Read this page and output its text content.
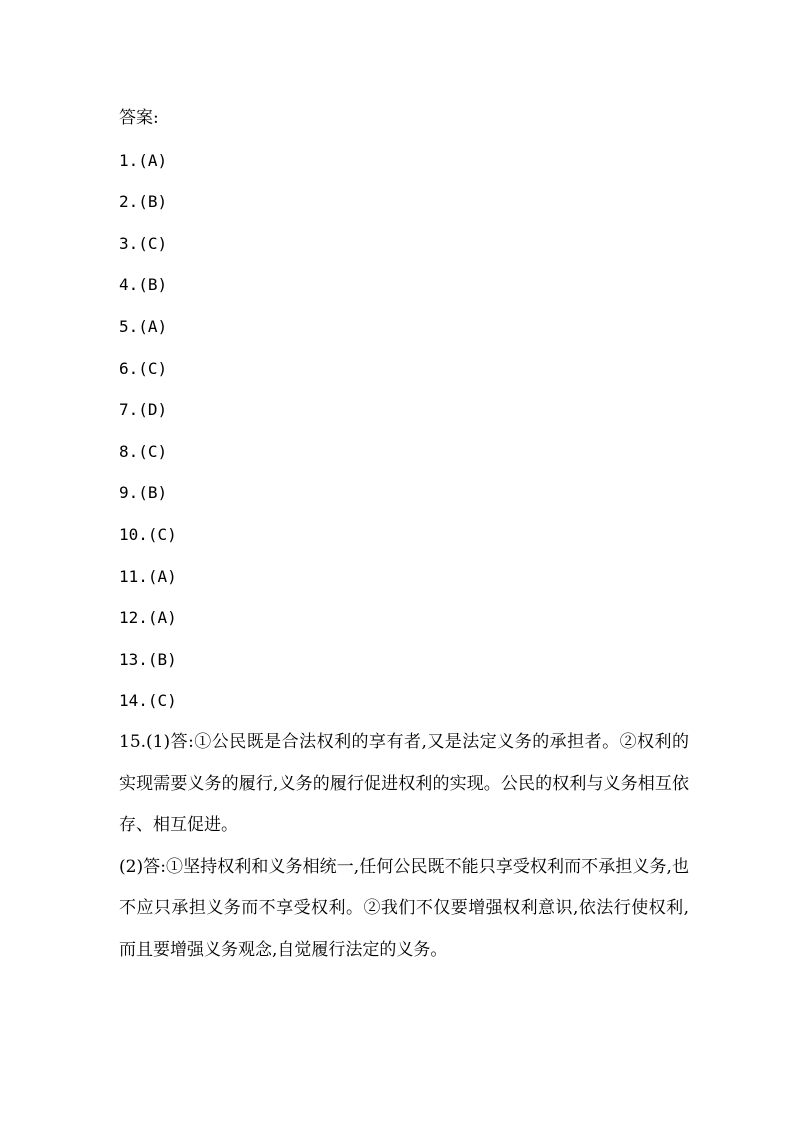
答案:
1.(A)
2.(B)
3.(C)
4.(B)
5.(A)
6.(C)
7.(D)
8.(C)
9.(B)
10.(C)
11.(A)
12.(A)
13.(B)
14.(C)
15.(1)答:①公民既是合法权利的享有者,又是法定义务的承担者。②权利的实现需要义务的履行,义务的履行促进权利的实现。公民的权利与义务相互依存、相互促进。
(2)答:①坚持权利和义务相统一,任何公民既不能只享受权利而不承担义务,也不应只承担义务而不享受权利。②我们不仅要增强权利意识,依法行使权利,而且要增强义务观念,自觉履行法定的义务。
